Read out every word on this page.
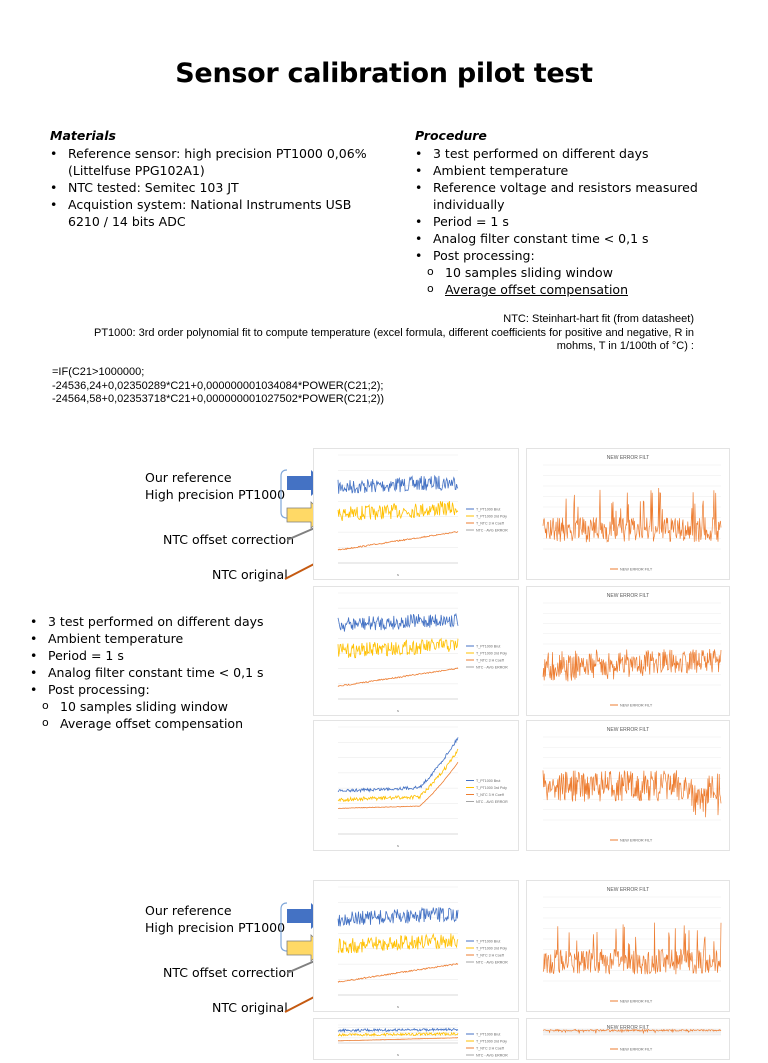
Sensor calibration pilot test
Materials
• Reference sensor: high precision PT1000 0,06%
(Littelfuse PPG102A1)
• NTC tested: Semitec 103 JT
• Acquistion system: National Instruments USB
6210 / 14 bits ADC
Procedure
• 3 test performed on different days
• Ambient temperature
• Reference voltage and resistors measured
individually
• Period = 1 s
• Analog filter constant time < 0,1 s
• Post processing:
o 10 samples sliding window
o Average offset compensation
NTC: Steinhart-hart fit (from datasheet)
PT1000: 3rd order polynomial fit to compute temperature (excel formula, different coefficients for positive and negative, R in
mohms, T in 1/100th of °C) :
=IF(C21>1000000;
-24536,24+0,02350289*C21+0,000000001034084*POWER(C21;2);
-24564,58+0,02353718*C21+0,000000001027502*POWER(C21;2))
Our reference
High precision PT1000
NTC offset correction
NTC original
• 3 test performed on different days
• Ambient temperature
• Period = 1 s
• Analog filter constant time < 0,1 s
• Post processing:
o 10 samples sliding window
o Average offset compensation
Our reference
High precision PT1000
NTC offset correction
NTC original
s
T_PT1000 Brut
T_PT1000 3rd Poly
T_NTC 3 H Coeff
NTC - AVG ERROR
NEW ERROR FILT
NEW ERROR FILT
s
T_PT1000 Brut
T_PT1000 3rd Poly
T_NTC 3 H Coeff
NTC - AVG ERROR
NEW ERROR FILT
NEW ERROR FILT
s
T_PT1000 Brut
T_PT1000 3rd Poly
T_NTC 3 H Coeff
NTC - AVG ERROR
NEW ERROR FILT
NEW ERROR FILT
s
T_PT1000 Brut
T_PT1000 3rd Poly
T_NTC 3 H Coeff
NTC - AVG ERROR
NEW ERROR FILT
NEW ERROR FILT
s
T_PT1000 Brut
T_PT1000 3rd Poly
T_NTC 3 H Coeff
NTC - AVG ERROR
NEW ERROR FILT
NEW ERROR FILT
